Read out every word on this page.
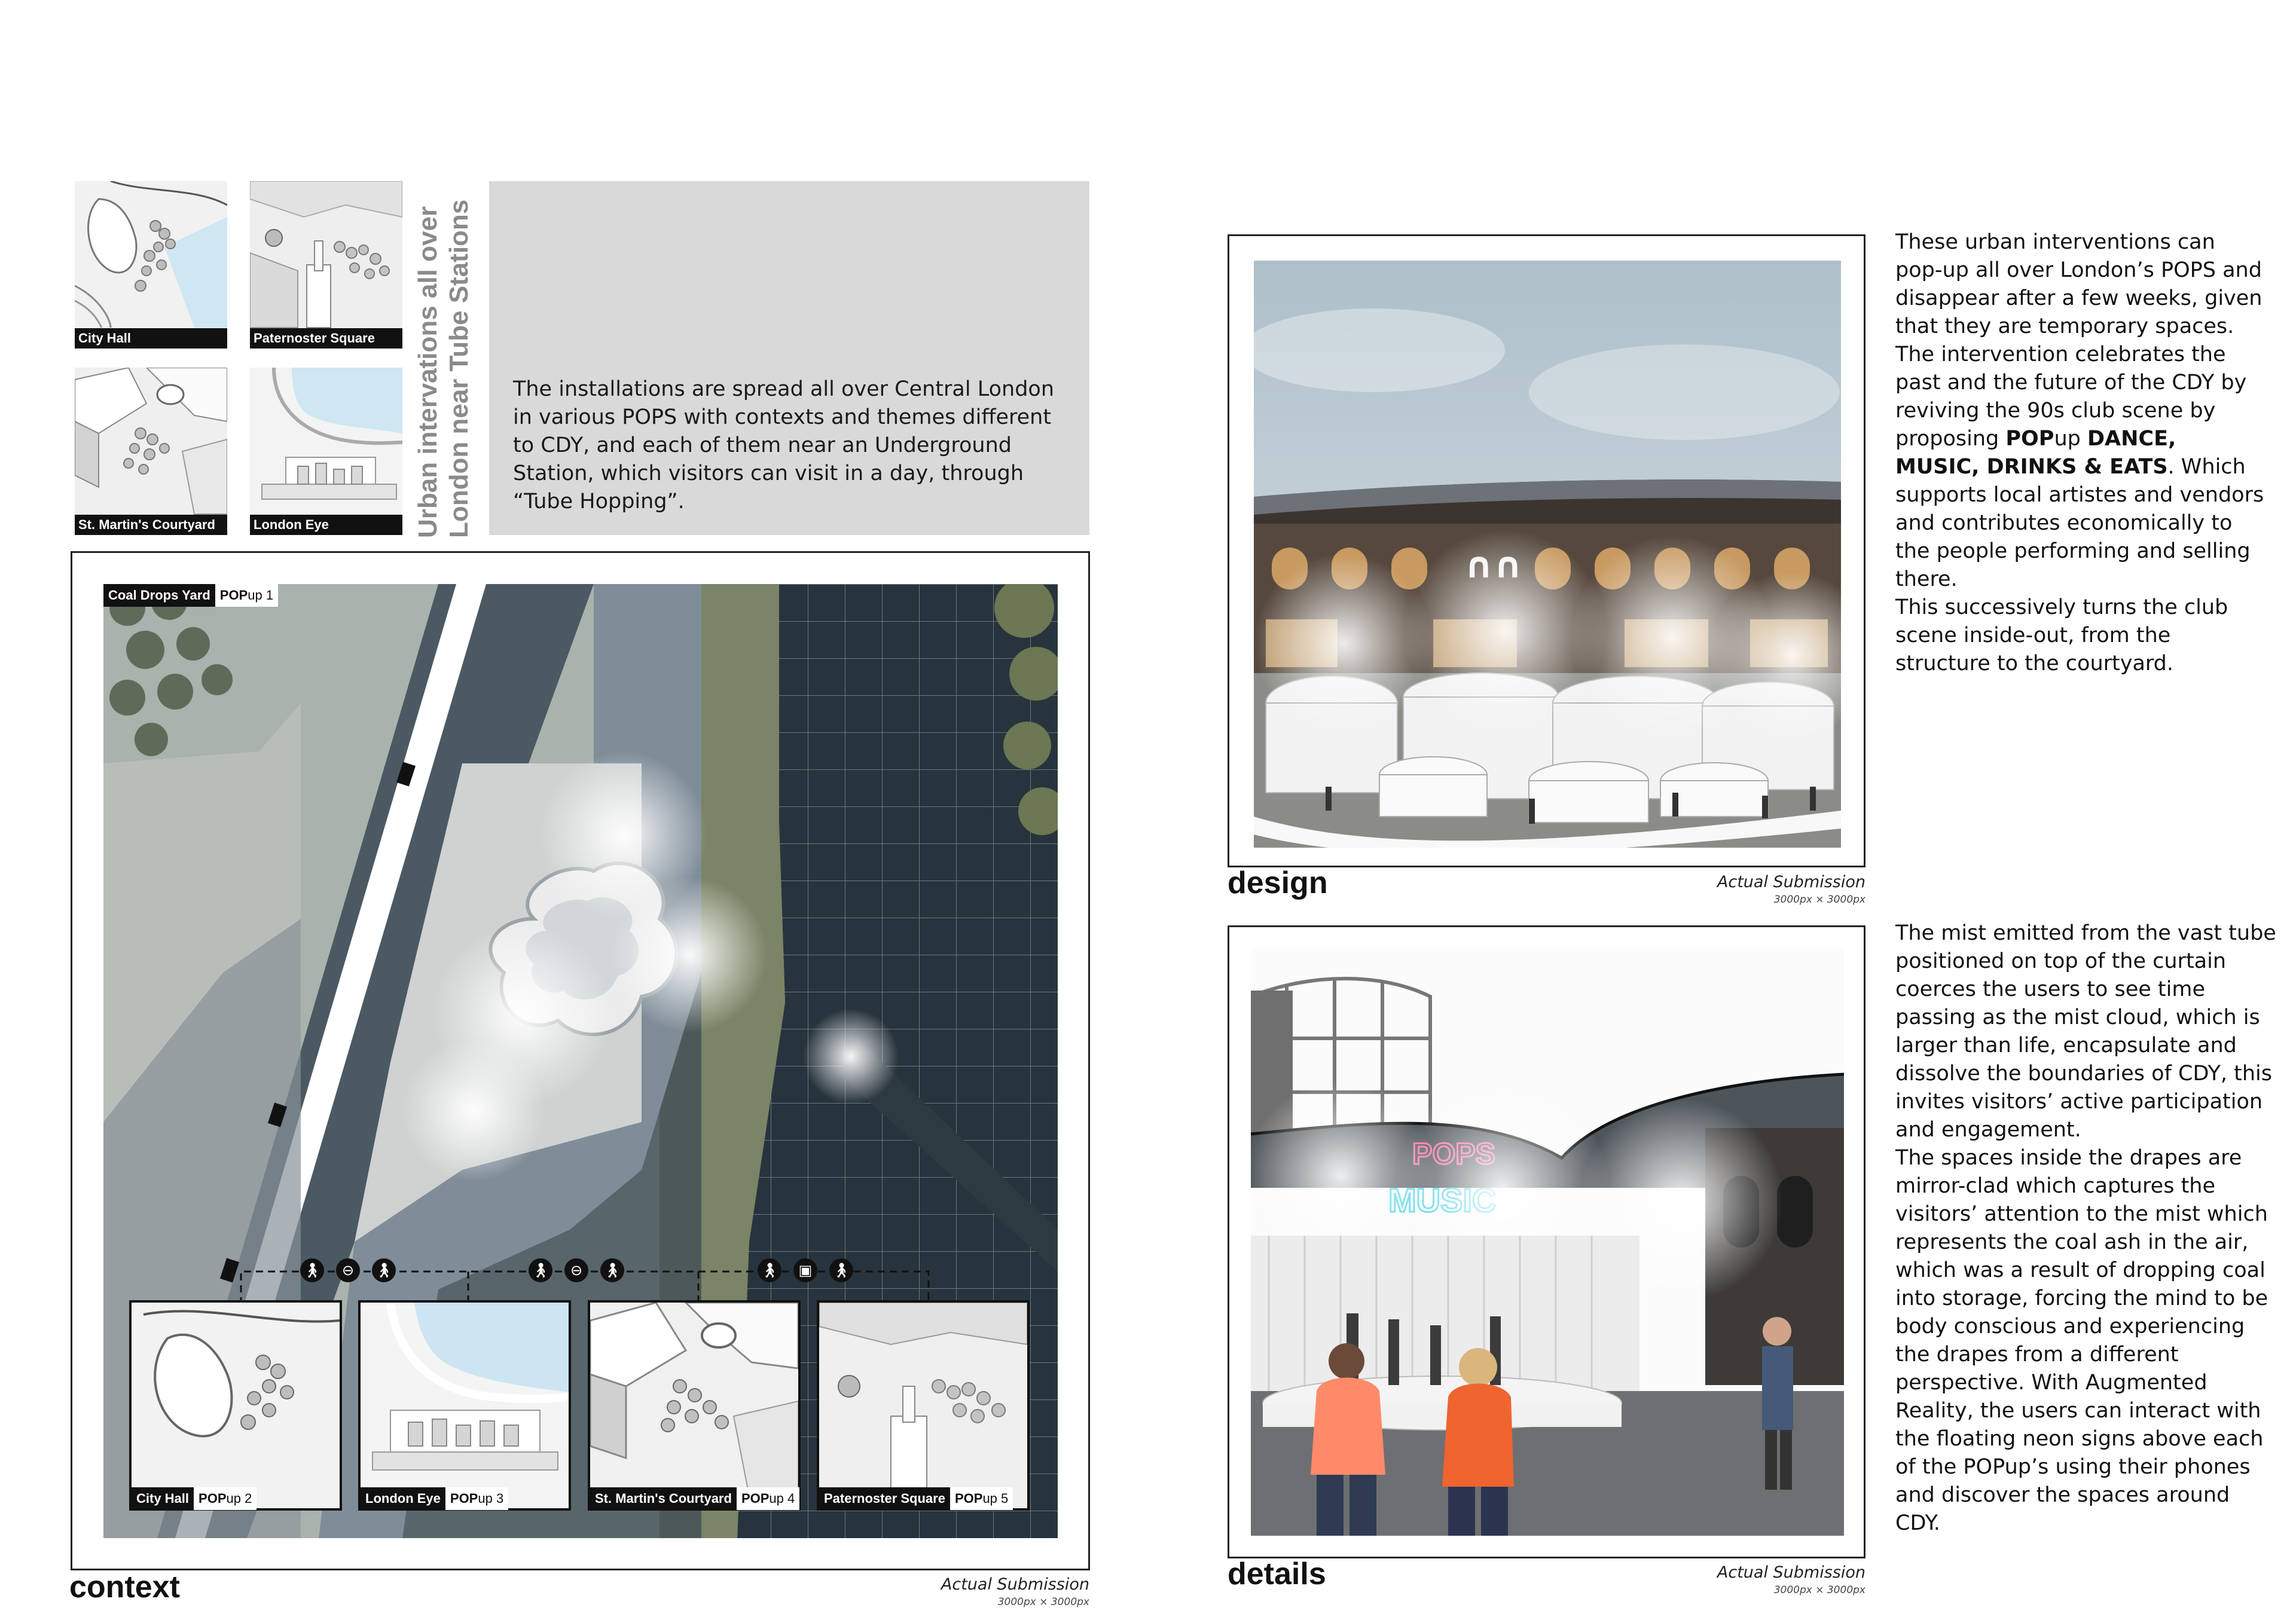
City Hall	Paternoster Square
St. Martin's Courtyard	London Eye	Urban intervations all over
London near Tube Stations The installations are spread all over Central London in various POPS with contexts and themes different to CDY, and each of them near an Underground Station, which visitors can visit in a day, through “Tube Hopping”.

Coal Drops Yard POPup 1
🚶︎	⊖	🚶︎	🚶︎	⊖	🚶︎	🚶︎	▣	🚶︎
City Hall POPup 2	London Eye POPup 3	St. Martin's Courtyard POPup 4	Paternoster Square POPup 5
context	Actual Submission
3000px × 3000px
design	Actual Submission
3000px × 3000px

These urban interventions can pop-up all over London’s POPS and disappear after a few weeks, given that they are temporary spaces.

The intervention celebrates the past and the future of the CDY by reviving the 90s club scene by proposing POPup DANCE, MUSIC, DRINKS & EATS. Which supports local artistes and vendors and contributes economically to the people performing and selling there.

This successively turns the club scene inside-out, from the structure to the courtyard.

details	Actual Submission
3000px × 3000px

The mist emitted from the vast tube positioned on top of the curtain coerces the users to see time passing as the mist cloud, which is larger than life, encapsulate and dissolve the boundaries of CDY, this invites visitors’ active participation and engagement.

The spaces inside the drapes are mirror-clad which captures the visitors’ attention to the mist which represents the coal ash in the air, which was a result of dropping coal into storage, forcing the mind to be body conscious and experiencing the drapes from a different perspective. With Augmented Reality, the users can interact with the floating neon signs above each of the POPup’s using their phones and discover the spaces around CDY.
